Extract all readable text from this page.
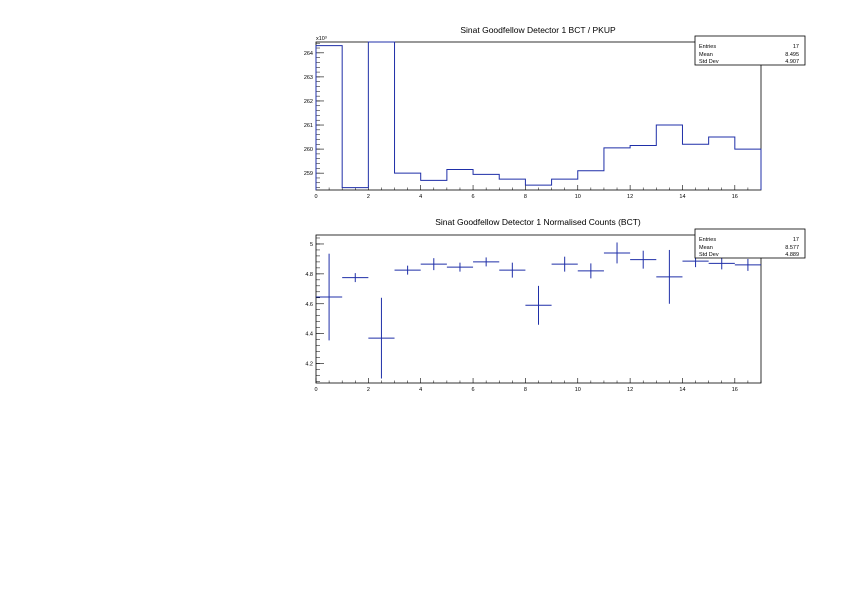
Sinat Goodfellow Detector 1 BCT / PKUP
x10³
0	2	4	6	8	10	12	14	16
259
260
261
262
263
264
Entries	17
Mean	8.495
Std Dev	4.907
Sinat Goodfellow Detector 1 Normalised Counts (BCT)
0	2	4	6	8	10	12	14	16
4.2
4.4
4.6
4.8
5
Entries	17
Mean	8.577
Std Dev	4.889
